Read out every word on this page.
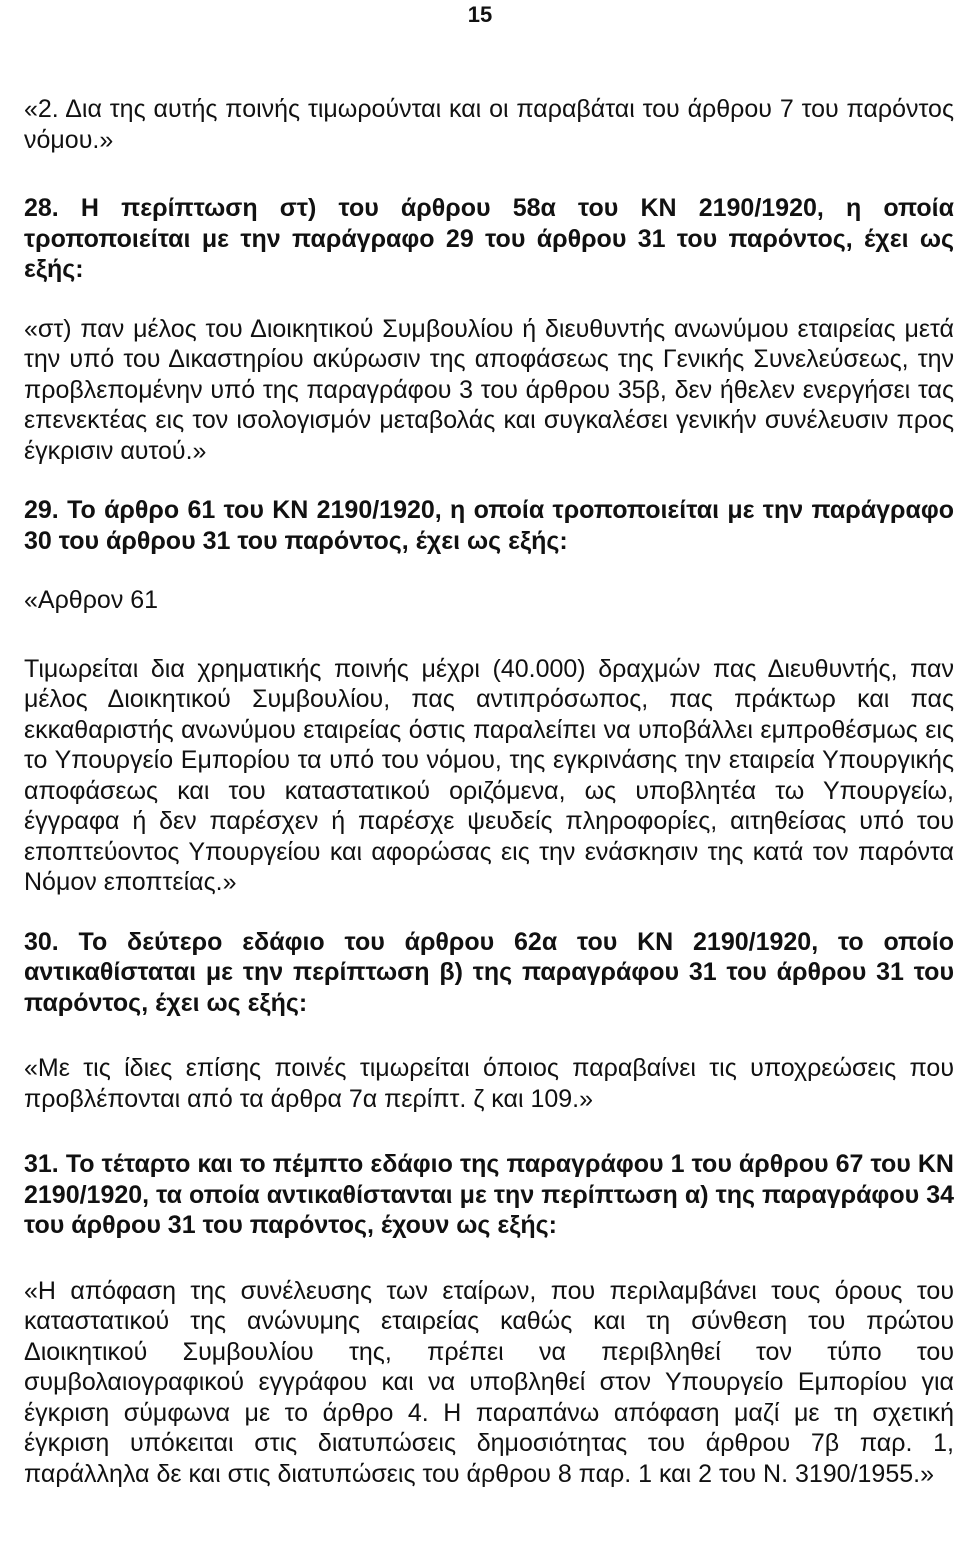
15

«2. Δια της αυτής ποινής τιμωρούνται και οι παραβάται του άρθρου 7 του παρόντος νόμου.»

28. Η περίπτωση στ) του άρθρου 58α του ΚΝ 2190/1920, η οποία τροποποιείται με την παράγραφο 29 του άρθρου 31 του παρόντος, έχει ως εξής:

«στ) παν μέλος του Διοικητικού Συμβουλίου ή διευθυντής ανωνύμου εταιρείας μετά την υπό του Δικαστηρίου ακύρωσιν της αποφάσεως της Γενικής Συνελεύσεως, την προβλεπομένην υπό της παραγράφου 3 του άρθρου 35β, δεν ήθελεν ενεργήσει τας επενεκτέας εις τον ισολογισμόν μεταβολάς και συγκαλέσει γενικήν συνέλευσιν προς έγκρισιν αυτού.»

29. Το άρθρο 61 του ΚΝ 2190/1920, η οποία τροποποιείται με την παράγραφο 30 του άρθρου 31 του παρόντος, έχει ως εξής:

«Αρθρον 61

Τιμωρείται δια χρηματικής ποινής μέχρι (40.000) δραχμών πας Διευθυντής, παν μέλος Διοικητικού Συμβουλίου, πας αντιπρόσωπος, πας πράκτωρ και πας εκκαθαριστής ανωνύμου εταιρείας όστις παραλείπει να υποβάλλει εμπροθέσμως εις το Υπουργείο Εμπορίου τα υπό του νόμου, της εγκρινάσης την εταιρεία Υπουργικής αποφάσεως και του καταστατικού οριζόμενα, ως υποβλητέα τω Υπουργείω, έγγραφα ή δεν παρέσχεν ή παρέσχε ψευδείς πληροφορίες, αιτηθείσας υπό του εποπτεύοντος Υπουργείου και αφορώσας εις την ενάσκησιν της κατά τον παρόντα Νόμον εποπτείας.»

30. Το δεύτερο εδάφιο του άρθρου 62α του ΚΝ 2190/1920, το οποίο αντικαθίσταται με την περίπτωση β) της παραγράφου 31 του άρθρου 31 του παρόντος, έχει ως εξής:

«Με τις ίδιες επίσης ποινές τιμωρείται όποιος παραβαίνει τις υποχρεώσεις που προβλέπονται από τα άρθρα 7α περίπτ. ζ και 109.»

31. Το τέταρτο και το πέμπτο εδάφιο της παραγράφου 1 του άρθρου 67 του ΚΝ 2190/1920, τα οποία αντικαθίστανται με την περίπτωση α) της παραγράφου 34 του άρθρου 31 του παρόντος, έχουν ως εξής:

«Η απόφαση της συνέλευσης των εταίρων, που περιλαμβάνει τους όρους του καταστατικού της ανώνυμης εταιρείας καθώς και τη σύνθεση του πρώτου Διοικητικού Συμβουλίου της, πρέπει να περιβληθεί τον τύπο του συμβολαιογραφικού εγγράφου και να υποβληθεί στον Υπουργείο Εμπορίου για έγκριση σύμφωνα με το άρθρο 4. Η παραπάνω απόφαση μαζί με τη σχετική έγκριση υπόκειται στις διατυπώσεις δημοσιότητας του άρθρου 7β παρ. 1, παράλληλα δε και στις διατυπώσεις του άρθρου 8 παρ. 1 και 2 του Ν. 3190/1955.»
